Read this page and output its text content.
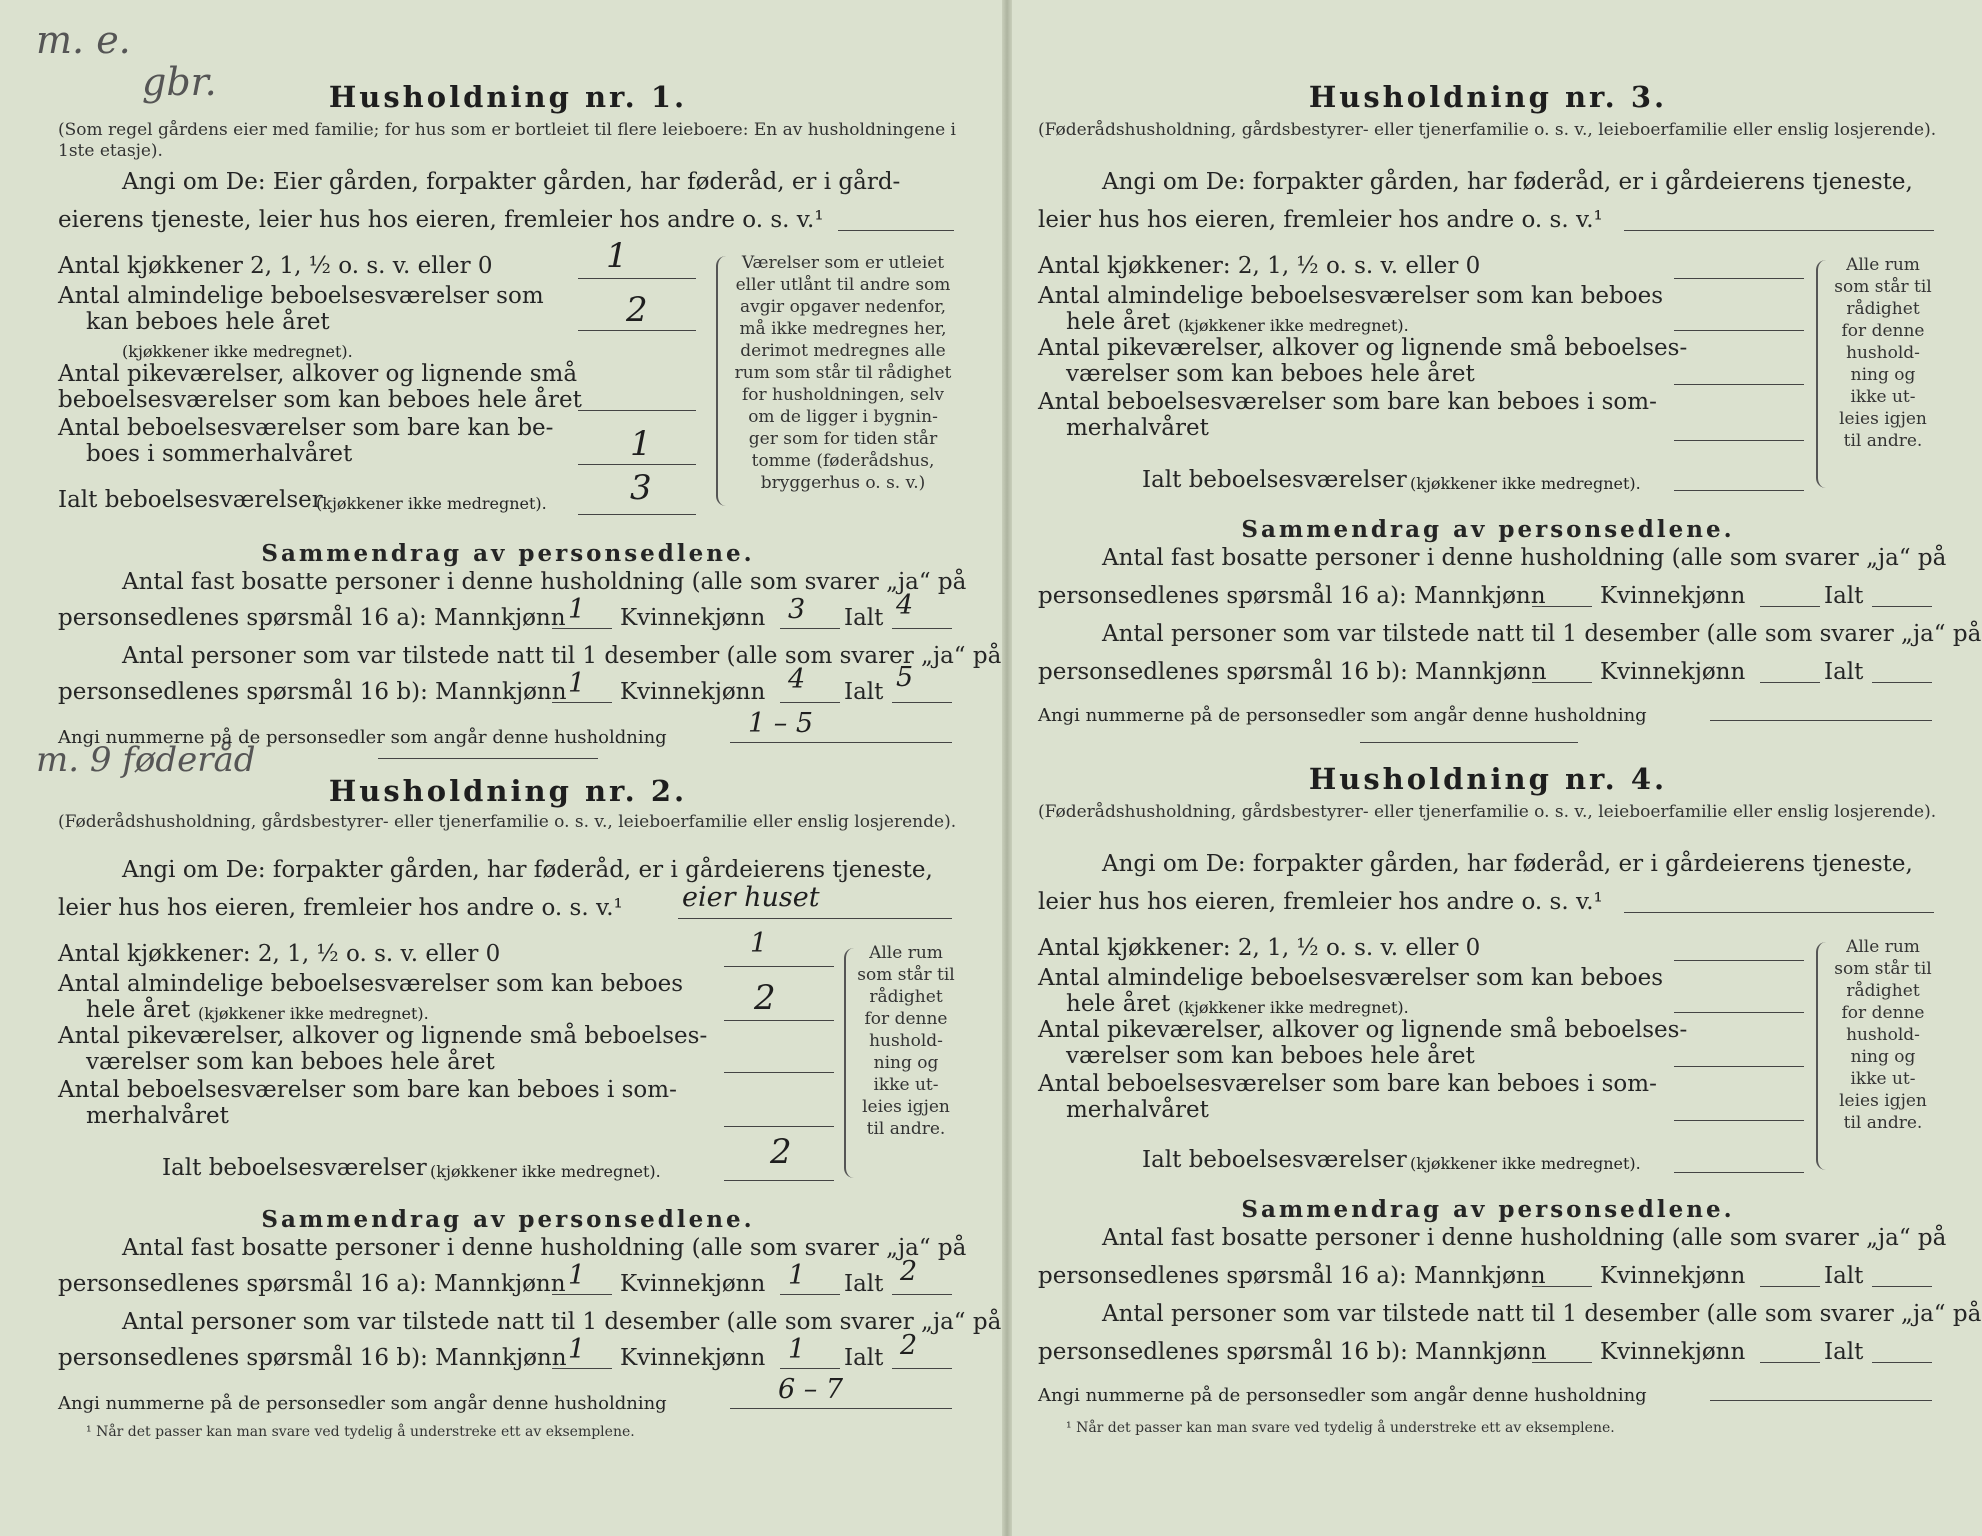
m. e.
gbr.
m. 9 føderåd
Husholdning nr. 1.
(Som regel gårdens eier med familie; for hus som er bortleiet til flere leieboere: En av husholdningene i 1ste etasje).
Angi om De: Eier gården, forpakter gården, har føderåd, er i gård-
eierens tjeneste, leier hus hos eieren, fremleier hos andre o. s. v.¹
Antal kjøkkener 2, 1, ½ o. s. v. eller 0	1
Antal almindelige beboelsesværelser som
kan beboes hele året
(kjøkkener ikke medregnet).
2
Antal pikeværelser, alkover og lignende små
beboelsesværelser som kan beboes hele året
Antal beboelsesværelser som bare kan be-
boes i sommerhalvåret	1
Ialt beboelsesværelser
(kjøkkener ikke medregnet). 3
Værelser som er utleiet
eller utlånt til andre som
avgir opgaver nedenfor,
må ikke medregnes her,
derimot medregnes alle
rum som står til rådighet
for husholdningen, selv
om de ligger i bygnin-
ger som for tiden står
tomme (føderådshus,
bryggerhus o. s. v.)
Sammendrag av personsedlene.
Antal fast bosatte personer i denne husholdning (alle som svarer „ja“ på
personsedlenes spørsmål 16 a): Mannkjønn 1 Kvinnekjønn 3 Ialt 4
Antal personer som var tilstede natt til 1 desember (alle som svarer „ja“ på
personsedlenes spørsmål 16 b): Mannkjønn 1 Kvinnekjønn 4 Ialt 5
Angi nummerne på de personsedler som angår denne husholdning	1 – 5
Husholdning nr. 2.
(Føderådshusholdning, gårdsbestyrer- eller tjenerfamilie o. s. v., leieboerfamilie eller enslig losjerende).
Angi om De: forpakter gården, har føderåd, er i gårdeierens tjeneste,
leier hus hos eieren, fremleier hos andre o. s. v.¹ eier huset
Antal kjøkkener: 2, 1, ½ o. s. v. eller 0	1
Antal almindelige beboelsesværelser som kan beboes
hele året (kjøkkener ikke medregnet).	2
Antal pikeværelser, alkover og lignende små beboelses-
værelser som kan beboes hele året
Antal beboelsesværelser som bare kan beboes i som-
merhalvåret
Ialt beboelsesværelser (kjøkkener ikke medregnet).	2
Alle rum
som står til
rådighet
for denne
hushold-
ning og
ikke ut-
leies igjen
til andre.
Sammendrag av personsedlene.
Antal fast bosatte personer i denne husholdning (alle som svarer „ja“ på
personsedlenes spørsmål 16 a): Mannkjønn 1 Kvinnekjønn 1 Ialt 2
Antal personer som var tilstede natt til 1 desember (alle som svarer „ja“ på
personsedlenes spørsmål 16 b): Mannkjønn 1 Kvinnekjønn 1 Ialt 2
Angi nummerne på de personsedler som angår denne husholdning	6 – 7
¹ Når det passer kan man svare ved tydelig å understreke ett av eksemplene.
Husholdning nr. 3.
(Føderådshusholdning, gårdsbestyrer- eller tjenerfamilie o. s. v., leieboerfamilie eller enslig losjerende).
Angi om De: forpakter gården, har føderåd, er i gårdeierens tjeneste,
leier hus hos eieren, fremleier hos andre o. s. v.¹
Antal kjøkkener: 2, 1, ½ o. s. v. eller 0
Antal almindelige beboelsesværelser som kan beboes
hele året (kjøkkener ikke medregnet).
Antal pikeværelser, alkover og lignende små beboelses-
værelser som kan beboes hele året
Antal beboelsesværelser som bare kan beboes i som-
merhalvåret
Ialt beboelsesværelser (kjøkkener ikke medregnet).
Alle rum
som står til
rådighet
for denne
hushold-
ning og
ikke ut-
leies igjen
til andre.
Sammendrag av personsedlene.
Antal fast bosatte personer i denne husholdning (alle som svarer „ja“ på
personsedlenes spørsmål 16 a): Mannkjønn Kvinnekjønn	Ialt
Antal personer som var tilstede natt til 1 desember (alle som svarer „ja“ på
personsedlenes spørsmål 16 b): Mannkjønn Kvinnekjønn	Ialt
Angi nummerne på de personsedler som angår denne husholdning
Husholdning nr. 4.
(Føderådshusholdning, gårdsbestyrer- eller tjenerfamilie o. s. v., leieboerfamilie eller enslig losjerende).
Angi om De: forpakter gården, har føderåd, er i gårdeierens tjeneste,
leier hus hos eieren, fremleier hos andre o. s. v.¹
Antal kjøkkener: 2, 1, ½ o. s. v. eller 0
Antal almindelige beboelsesværelser som kan beboes
hele året (kjøkkener ikke medregnet).
Antal pikeværelser, alkover og lignende små beboelses-
værelser som kan beboes hele året
Antal beboelsesværelser som bare kan beboes i som-
merhalvåret
Ialt beboelsesværelser (kjøkkener ikke medregnet).
Alle rum
som står til
rådighet
for denne
hushold-
ning og
ikke ut-
leies igjen
til andre.
Sammendrag av personsedlene.
Antal fast bosatte personer i denne husholdning (alle som svarer „ja“ på
personsedlenes spørsmål 16 a): Mannkjønn Kvinnekjønn	Ialt
Antal personer som var tilstede natt til 1 desember (alle som svarer „ja“ på
personsedlenes spørsmål 16 b): Mannkjønn Kvinnekjønn	Ialt
Angi nummerne på de personsedler som angår denne husholdning
¹ Når det passer kan man svare ved tydelig å understreke ett av eksemplene.
